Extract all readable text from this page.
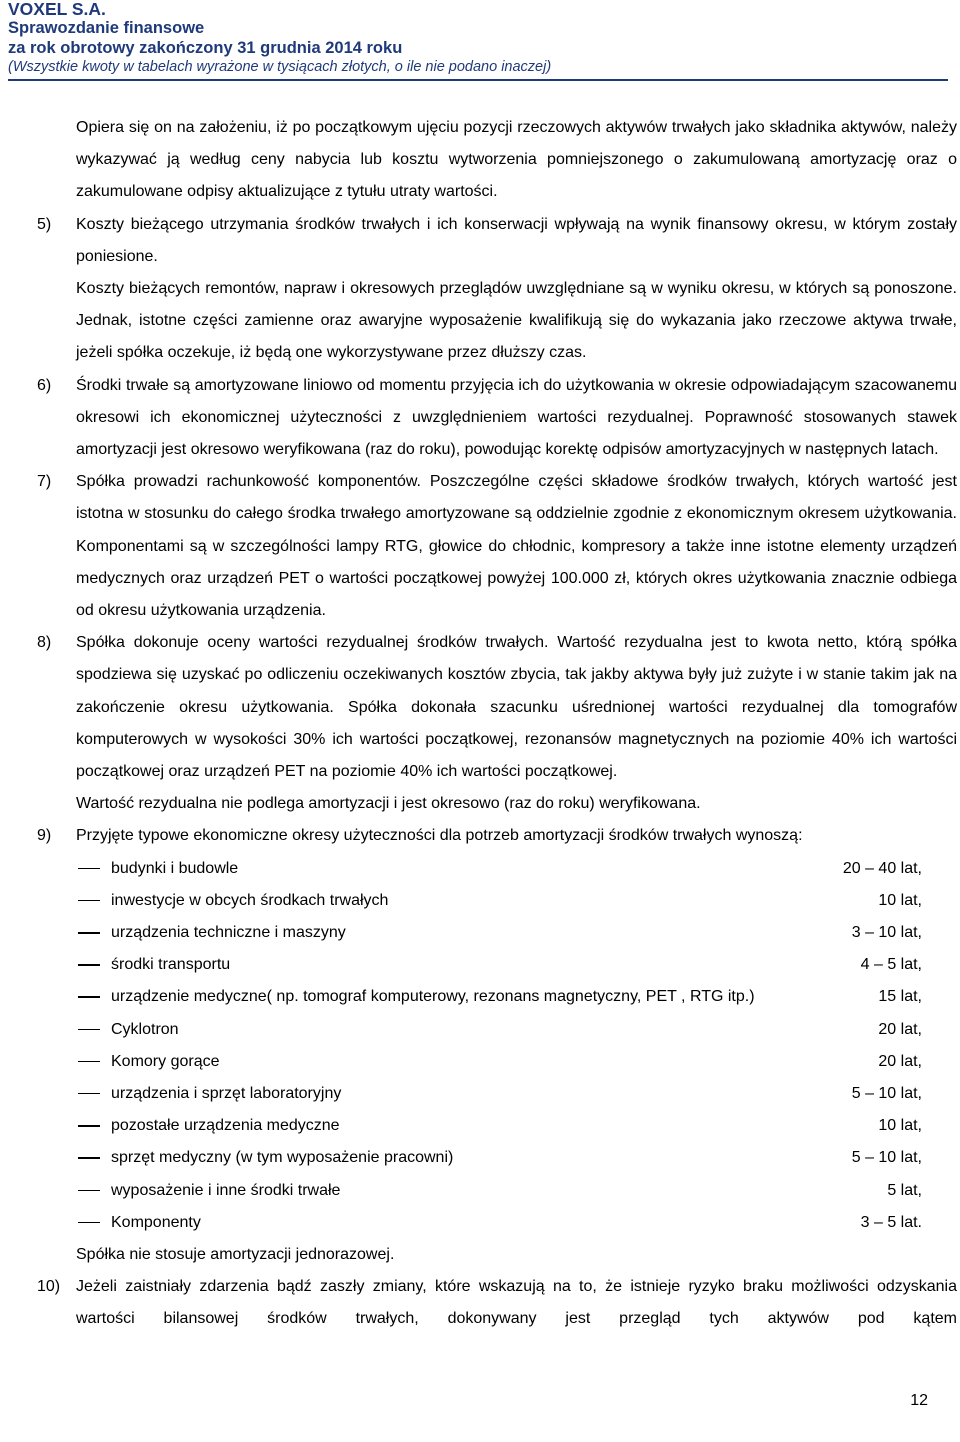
VOXEL S.A.
Sprawozdanie finansowe
za rok obrotowy zakończony 31 grudnia 2014 roku
(Wszystkie kwoty w tabelach wyrażone w tysiącach złotych, o ile nie podano inaczej)
Opiera się on na założeniu, iż po początkowym ujęciu pozycji rzeczowych aktywów trwałych jako składnika aktywów, należy wykazywać ją według ceny nabycia lub kosztu wytworzenia pomniejszonego o zakumulowaną amortyzację oraz o zakumulowane odpisy aktualizujące z tytułu utraty wartości.
5) Koszty bieżącego utrzymania środków trwałych i ich konserwacji wpływają na wynik finansowy okresu, w którym zostały poniesione.
Koszty bieżących remontów, napraw i okresowych przeglądów uwzględniane są w wyniku okresu, w których są ponoszone. Jednak, istotne części zamienne oraz awaryjne wyposażenie kwalifikują się do wykazania jako rzeczowe aktywa trwałe, jeżeli spółka oczekuje, iż będą one wykorzystywane przez dłuższy czas.
6) Środki trwałe są amortyzowane liniowo od momentu przyjęcia ich do użytkowania w okresie odpowiadającym szacowanemu okresowi ich ekonomicznej użyteczności z uwzględnieniem wartości rezydualnej. Poprawność stosowanych stawek amortyzacji jest okresowo weryfikowana (raz do roku), powodując korektę odpisów amortyzacyjnych w następnych latach.
7) Spółka prowadzi rachunkowość komponentów. Poszczególne części składowe środków trwałych, których wartość jest istotna w stosunku do całego środka trwałego amortyzowane są oddzielnie zgodnie z ekonomicznym okresem użytkowania. Komponentami są w szczególności lampy RTG, głowice do chłodnic, kompresory a także inne istotne elementy urządzeń medycznych oraz urządzeń PET o wartości początkowej powyżej 100.000 zł, których okres użytkowania znacznie odbiega od okresu użytkowania urządzenia.
8) Spółka dokonuje oceny wartości rezydualnej środków trwałych. Wartość rezydualna jest to kwota netto, którą spółka spodziewa się uzyskać po odliczeniu oczekiwanych kosztów zbycia, tak jakby aktywa były już zużyte i w stanie takim jak na zakończenie okresu użytkowania. Spółka dokonała szacunku uśrednionej wartości rezydualnej dla tomografów komputerowych w wysokości 30% ich wartości początkowej, rezonansów magnetycznych na poziomie 40% ich wartości początkowej oraz urządzeń PET na poziomie 40% ich wartości początkowej.
Wartość rezydualna nie podlega amortyzacji i jest okresowo (raz do roku) weryfikowana.
9) Przyjęte typowe ekonomiczne okresy użyteczności dla potrzeb amortyzacji środków trwałych wynoszą:
budynki i budowle	20 – 40 lat,
inwestycje w obcych środkach trwałych	10 lat,
urządzenia techniczne i maszyny	3 – 10 lat,
środki transportu	4 – 5 lat,
urządzenie medyczne( np. tomograf komputerowy, rezonans magnetyczny, PET , RTG itp.)	15 lat,
Cyklotron	20 lat,
Komory gorące	20 lat,
urządzenia i sprzęt laboratoryjny	5 – 10 lat,
pozostałe urządzenia medyczne	10 lat,
sprzęt medyczny (w tym wyposażenie pracowni)	5 – 10 lat,
wyposażenie i inne środki trwałe	5 lat,
Komponenty	3 – 5 lat.
Spółka nie stosuje amortyzacji jednorazowej.
10) Jeżeli zaistniały zdarzenia bądź zaszły zmiany, które wskazują na to, że istnieje ryzyko braku możliwości odzyskania wartości bilansowej środków trwałych, dokonywany jest przegląd tych aktywów pod kątem
12
